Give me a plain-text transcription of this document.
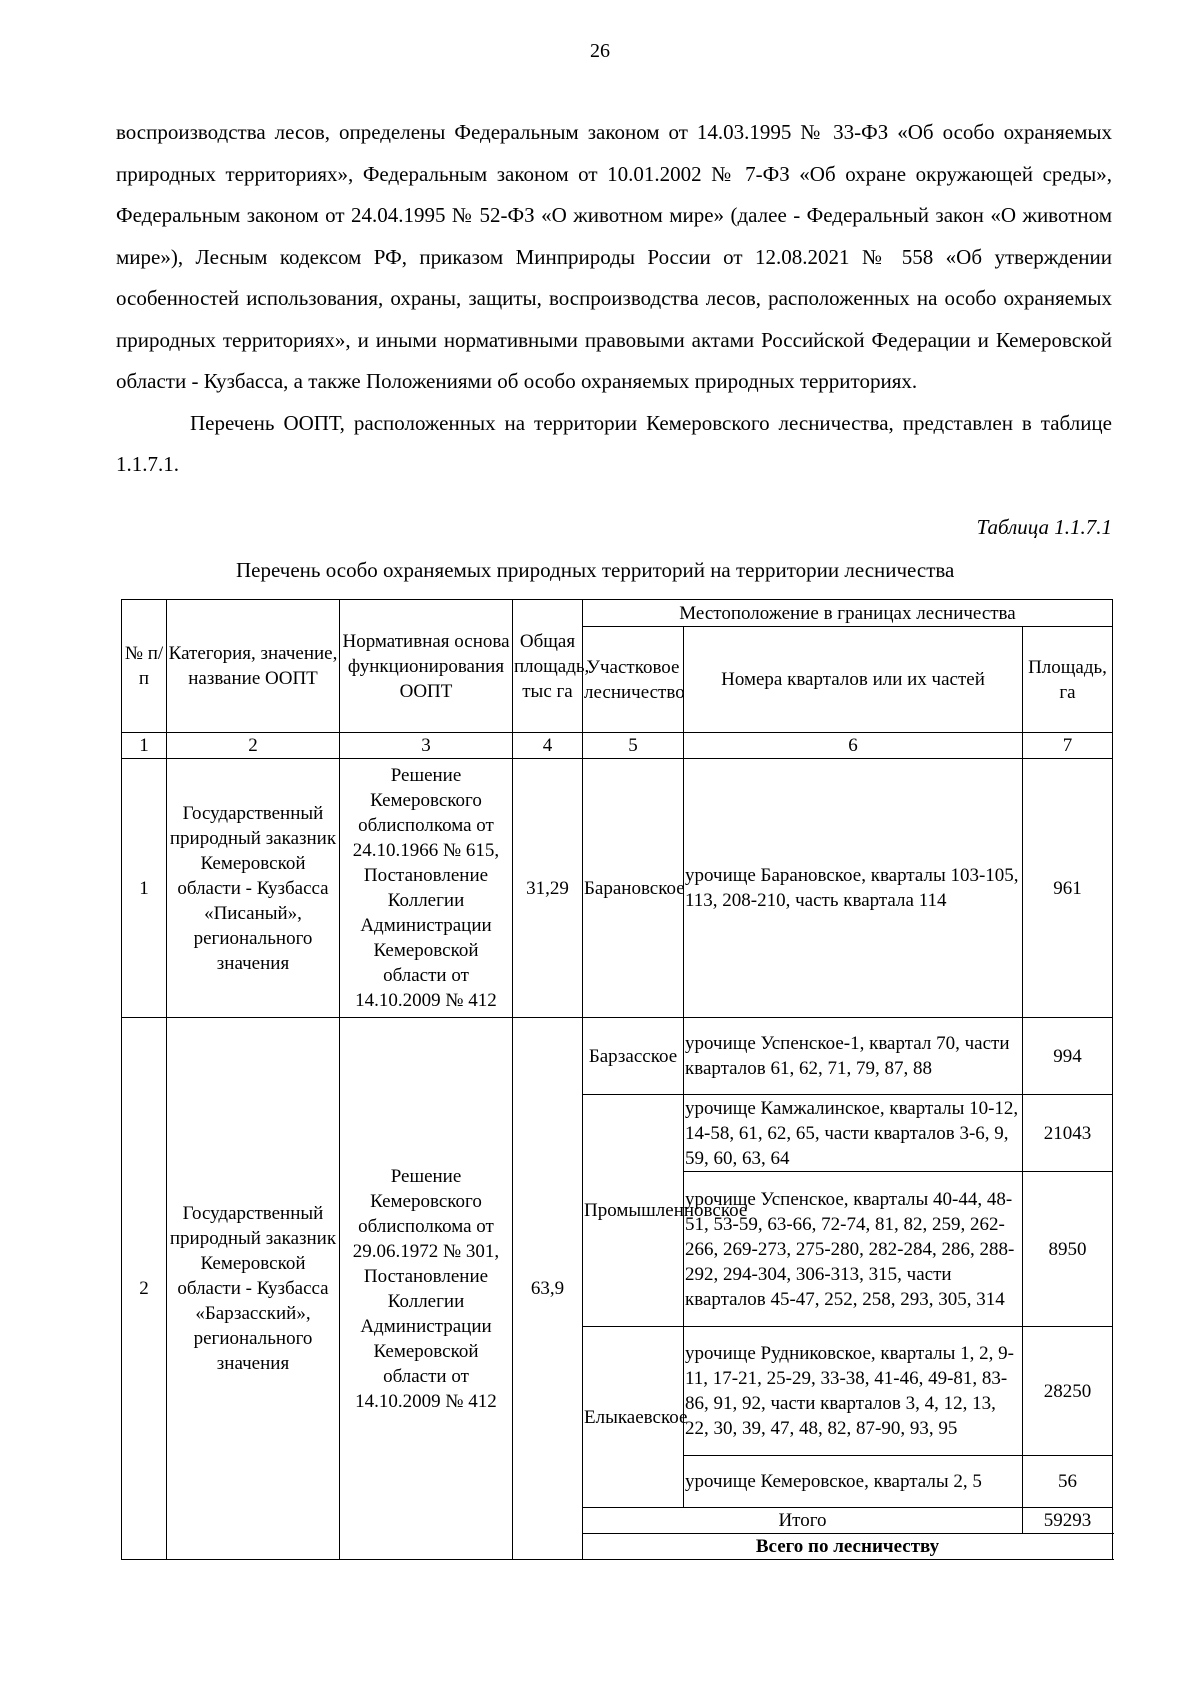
26

воспроизводства лесов, определены Федеральным законом от 14.03.1995 № 33-ФЗ «Об особо охраняемых природных территориях», Федеральным законом от 10.01.2002 № 7-ФЗ «Об охране окружающей среды», Федеральным законом от 24.04.1995 № 52-ФЗ «О животном мире» (далее - Федеральный закон «О животном мире»), Лесным кодексом РФ, приказом Минприроды России от 12.08.2021 № 558 «Об утверждении особенностей использования, охраны, защиты, воспроизводства лесов, расположенных на особо охраняемых природных территориях», и иными нормативными правовыми актами Российской Федерации и Кемеровской области - Кузбасса, а также Положениями об особо охраняемых природных территориях.

Перечень ООПТ, расположенных на территории Кемеровского лесничества, представлен в таблице 1.1.7.1.

Таблица 1.1.7.1
Перечень особо охраняемых природных территорий на территории лесничества
№ п/п	Категория, значение, название ООПТ	Нормативная основа функционирования ООПТ	Общая площадь, тыс га	Местоположение в границах лесничества			
				Участковое лесничество	Номера кварталов или их частей	Площадь, га	
1	2	3	4	5	6	7	
1	Государственный природный заказник Кемеровской области - Кузбасса «Писаный», регионального значения	Решение Кемеровского облисполкома от 24.10.1966 № 615, Постановление Коллегии Администрации Кемеровской области от 14.10.2009 № 412	31,29	Барановское	урочище Барановское, кварталы 103-105, 113, 208-210, часть квартала 114	961	
2	Государственный природный заказник Кемеровской области - Кузбасса «Барзасский», регионального значения	Решение Кемеровского облисполкома от 29.06.1972 № 301, Постановление Коллегии Администрации Кемеровской области от 14.10.2009 № 412	63,9	Барзасское	урочище Успенское-1, квартал 70, части кварталов 61, 62, 71, 79, 87, 88	994	
				Промышленновское	урочище Камжалинское, кварталы 10-12, 14-58, 61, 62, 65, части кварталов 3-6, 9, 59, 60, 63, 64	21043	
					урочище Успенское, кварталы 40-44, 48-51, 53-59, 63-66, 72-74, 81, 82, 259, 262-266, 269-273, 275-280, 282-284, 286, 288-292, 294-304, 306-313, 315, части кварталов 45-47, 252, 258, 293, 305, 314	8950	
				Елыкаевское	урочище Рудниковское, кварталы 1, 2, 9-11, 17-21, 25-29, 33-38, 41-46, 49-81, 83-86, 91, 92, части кварталов 3, 4, 12, 13, 22, 30, 39, 47, 48, 82, 87-90, 93, 95	28250	
					урочище Кемеровское, кварталы 2, 5	56	
				Итого		59293	
				Всего по лесничеству	
